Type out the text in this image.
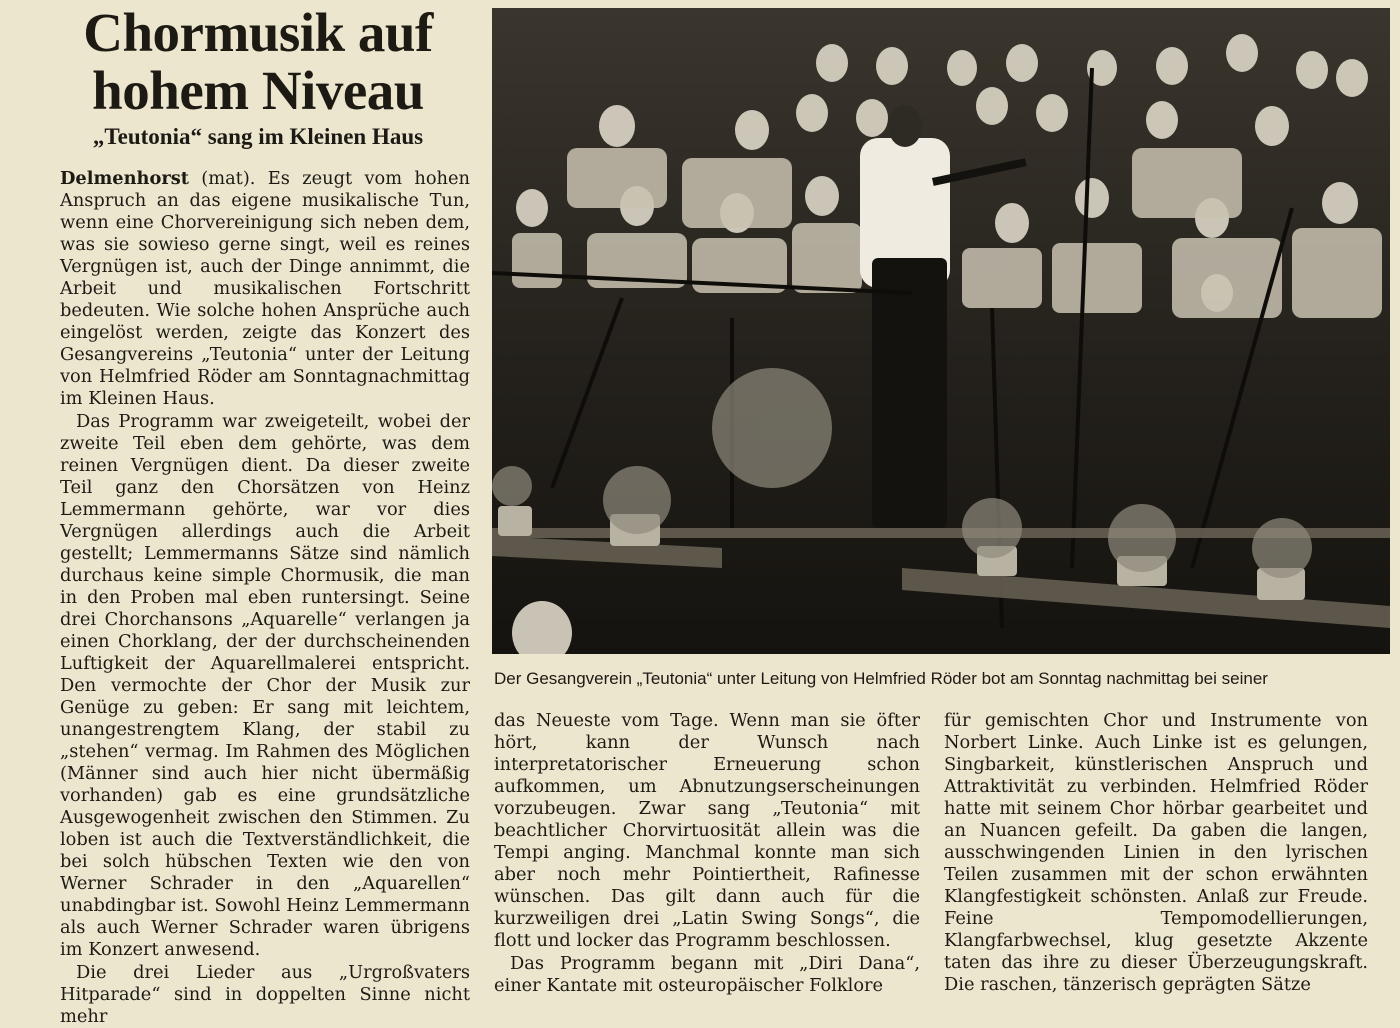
Chormusik auf
hohem Niveau
„Teutonia“ sang im Kleinen Haus

Delmenhorst (mat). Es zeugt vom hohen Anspruch an das eigene musikalische Tun, wenn eine Chorvereinigung sich neben dem, was sie sowieso gerne singt, weil es reines Vergnügen ist, auch der Dinge annimmt, die Arbeit und musikalischen Fortschritt bedeuten. Wie solche hohen Ansprüche auch eingelöst werden, zeigte das Konzert des Gesangvereins „Teutonia“ unter der Leitung von Helmfried Röder am Sonntagnachmittag im Kleinen Haus.

Das Programm war zweigeteilt, wobei der zweite Teil eben dem gehörte, was dem reinen Vergnügen dient. Da dieser zweite Teil ganz den Chorsätzen von Heinz Lemmermann gehörte, war vor dies Vergnügen allerdings auch die Arbeit gestellt; Lemmermanns Sätze sind nämlich durchaus keine simple Chormusik, die man in den Proben mal eben runtersingt. Seine drei Chorchansons „Aquarelle“ verlangen ja einen Chorklang, der der durchscheinenden Luftigkeit der Aquarellmalerei entspricht. Den vermochte der Chor der Musik zur Genüge zu geben: Er sang mit leichtem, unangestrengtem Klang, der stabil zu „stehen“ vermag. Im Rahmen des Möglichen (Männer sind auch hier nicht übermäßig vorhanden) gab es eine grundsätzliche Ausgewogenheit zwischen den Stimmen. Zu loben ist auch die Textverständlichkeit, die bei solch hübschen Texten wie den von Werner Schrader in den „Aquarellen“ unabdingbar ist. Sowohl Heinz Lemmermann als auch Werner Schrader waren übrigens im Konzert anwesend.

Die drei Lieder aus „Urgroßvaters Hitparade“ sind in doppelten Sinne nicht mehr

Der Gesangverein „Teutonia“ unter Leitung von Helmfried Röder bot am Sonntag nachmittag bei seiner

das Neueste vom Tage. Wenn man sie öfter hört, kann der Wunsch nach interpretatorischer Erneuerung schon aufkommen, um Abnutzungserscheinungen vorzubeugen. Zwar sang „Teutonia“ mit beachtlicher Chorvirtuosität allein was die Tempi anging. Manchmal konnte man sich aber noch mehr Pointiertheit, Rafinesse wünschen. Das gilt dann auch für die kurzweiligen drei „Latin Swing Songs“, die flott und locker das Programm beschlossen.

Das Programm begann mit „Diri Dana“, einer Kantate mit osteuropäischer Folklore

für gemischten Chor und Instrumente von Norbert Linke. Auch Linke ist es gelungen, Singbarkeit, künstlerischen Anspruch und Attraktivität zu verbinden. Helmfried Röder hatte mit seinem Chor hörbar gearbeitet und an Nuancen gefeilt. Da gaben die langen, ausschwingenden Linien in den lyrischen Teilen zusammen mit der schon erwähnten Klangfestigkeit schönsten. Anlaß zur Freude. Feine Tempomodellierungen, Klangfarbwechsel, klug gesetzte Akzente taten das ihre zu dieser Überzeugungskraft. Die raschen, tänzerisch geprägten Sätze
